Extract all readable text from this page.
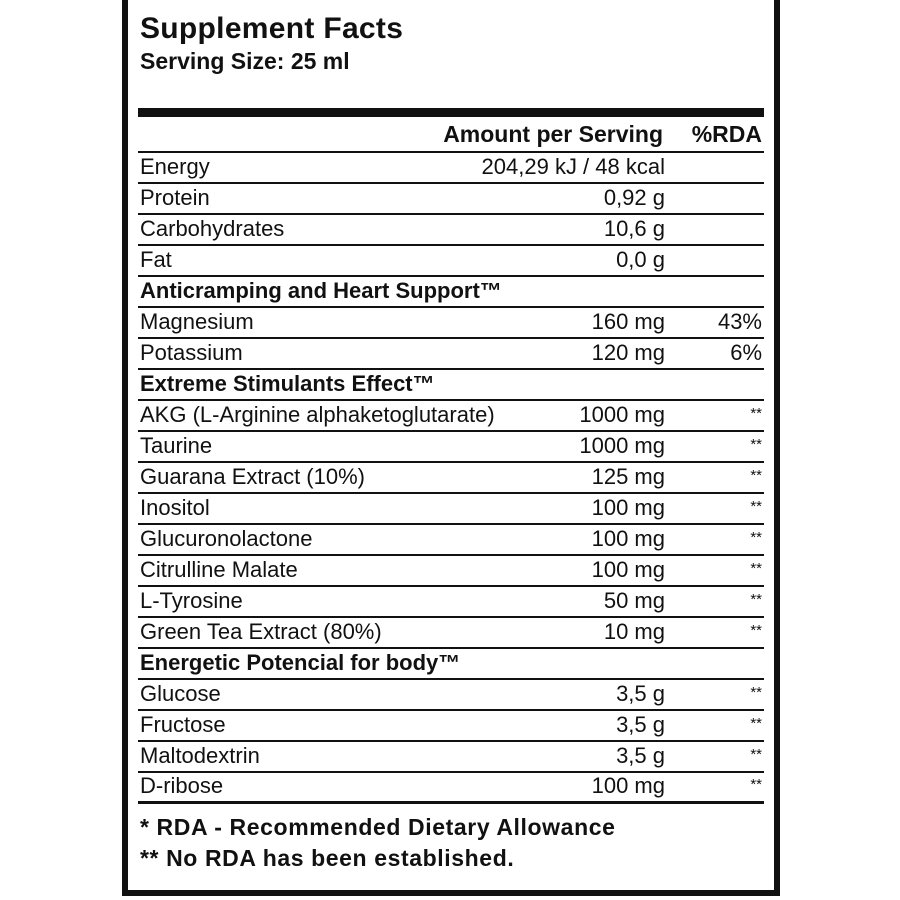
Supplement Facts
Serving Size: 25 ml
Amount per Serving %RDA
Energy	204,29 kJ / 48 kcal
Protein	0,92 g
Carbohydrates	10,6 g
Fat	0,0 g
Anticramping and Heart Support™
Magnesium	160 mg 43%
Potassium	120 mg	6%
Extreme Stimulants Effect™
AKG (L-Arginine alphaketoglutarate)	1000 mg	**
Taurine	1000 mg	**
Guarana Extract (10%)	125 mg	**
Inositol	100 mg	**
Glucuronolactone	100 mg	**
Citrulline Malate	100 mg	**
L-Tyrosine	50 mg	**
Green Tea Extract (80%)	10 mg	**
Energetic Potencial for body™
Glucose	3,5 g	**
Fructose	3,5 g	**
Maltodextrin	3,5 g	**
D-ribose	100 mg	**
* RDA - Recommended Dietary Allowance
** No RDA has been established.
